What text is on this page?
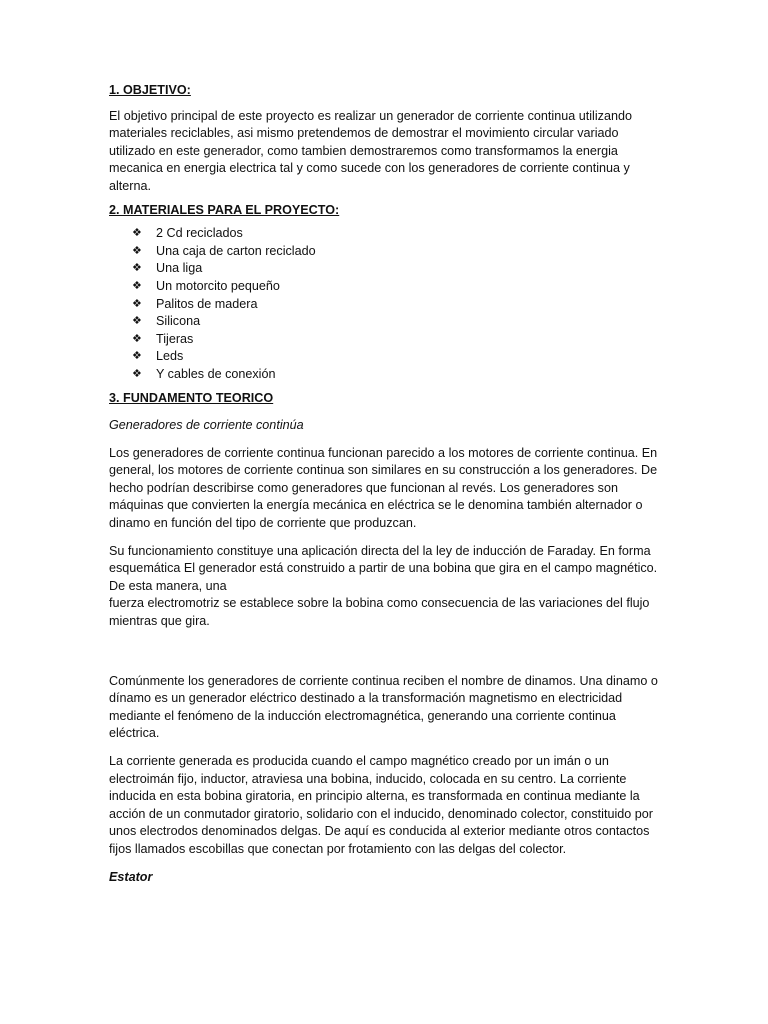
1. OBJETIVO:

El objetivo principal de este proyecto es realizar un generador de corriente continua utilizando materiales reciclables, asi mismo pretendemos de demostrar el movimiento circular variado utilizado en este generador, como tambien demostraremos como transformamos la energia mecanica en energia electrica tal y como sucede con los generadores de corriente continua y alterna.

2. MATERIALES PARA EL PROYECTO:

❖ 2 Cd reciclados
❖ Una caja de carton reciclado
❖ Una liga
❖ Un motorcito pequeño
❖ Palitos de madera
❖ Silicona
❖ Tijeras
❖ Leds
❖ Y cables de conexión

3. FUNDAMENTO TEORICO

Generadores de corriente continúa

Los generadores de corriente continua funcionan parecido a los motores de corriente continua. En general, los motores de corriente continua son similares en su construcción a los generadores. De hecho podrían describirse como generadores que funcionan al revés. Los generadores son máquinas que convierten la energía mecánica en eléctrica se le denomina también alternador o dinamo en función del tipo de corriente que produzcan.

Su funcionamiento constituye una aplicación directa del la ley de inducción de Faraday. En forma esquemática El generador está construido a partir de una bobina que gira en el campo magnético. De esta manera, una

fuerza electromotriz se establece sobre la bobina como consecuencia de las variaciones del flujo mientras que gira.

Comúnmente los generadores de corriente continua reciben el nombre de dinamos. Una dinamo o dínamo es un generador eléctrico destinado a la transformación magnetismo en electricidad mediante el fenómeno de la inducción electromagnética, generando una corriente continua eléctrica.

La corriente generada es producida cuando el campo magnético creado por un imán o un electroimán fijo, inductor, atraviesa una bobina, inducido, colocada en su centro. La corriente inducida en esta bobina giratoria, en principio alterna, es transformada en continua mediante la acción de un conmutador giratorio, solidario con el inducido, denominado colector, constituido por unos electrodos denominados delgas. De aquí es conducida al exterior mediante otros contactos fijos llamados escobillas que conectan por frotamiento con las delgas del colector.

Estator
